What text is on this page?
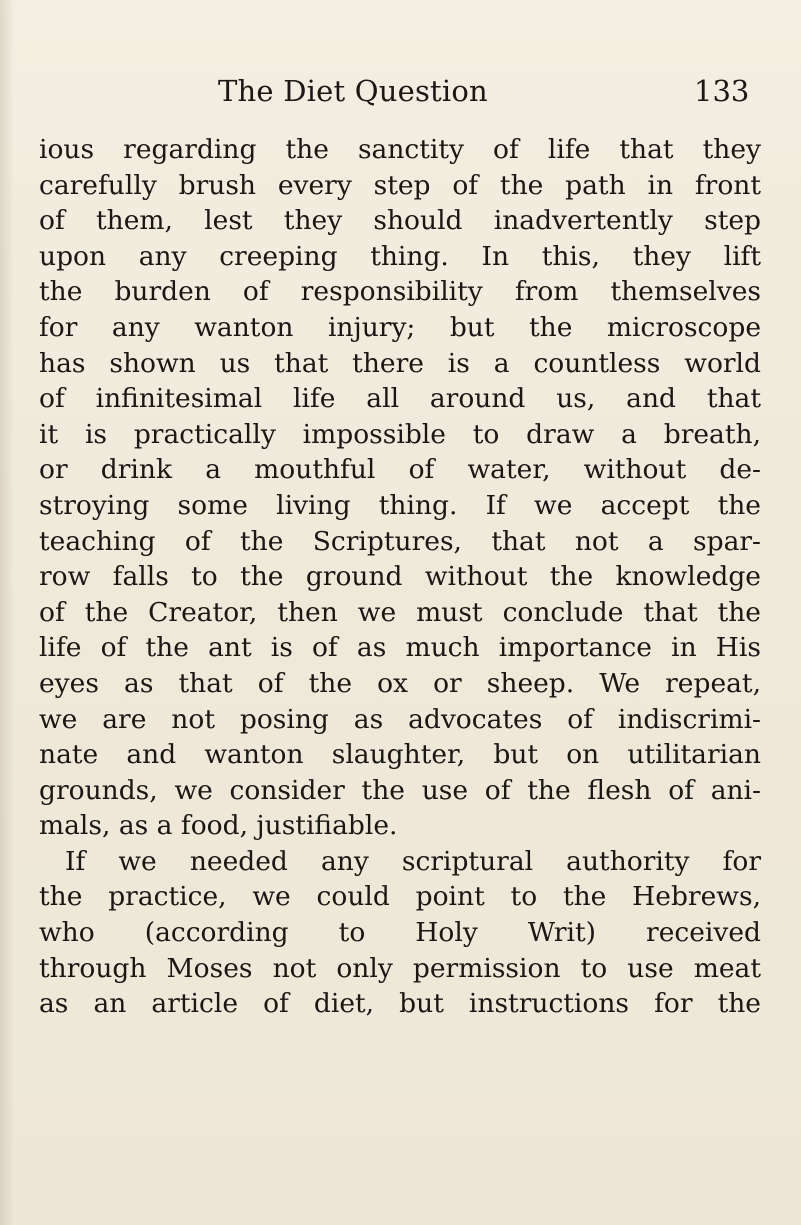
The Diet Question	133
ious regarding the sanctity of life that they
carefully brush every step of the path in front
of them, lest they should inadvertently step
upon any creeping thing. In this, they lift
the burden of responsibility from themselves
for any wanton injury; but the microscope
has shown us that there is a countless world
of infinitesimal life all around us, and that
it is practically impossible to draw a breath,
or drink a mouthful of water, without de-
stroying some living thing. If we accept the
teaching of the Scriptures, that not a spar-
row falls to the ground without the knowledge
of the Creator, then we must conclude that the
life of the ant is of as much importance in His
eyes as that of the ox or sheep. We repeat,
we are not posing as advocates of indiscrimi-
nate and wanton slaughter, but on utilitarian
grounds, we consider the use of the flesh of ani-
mals, as a food, justifiable.
If we needed any scriptural authority for
the practice, we could point to the Hebrews,
who (according to Holy Writ) received
through Moses not only permission to use meat
as an article of diet, but instructions for the
